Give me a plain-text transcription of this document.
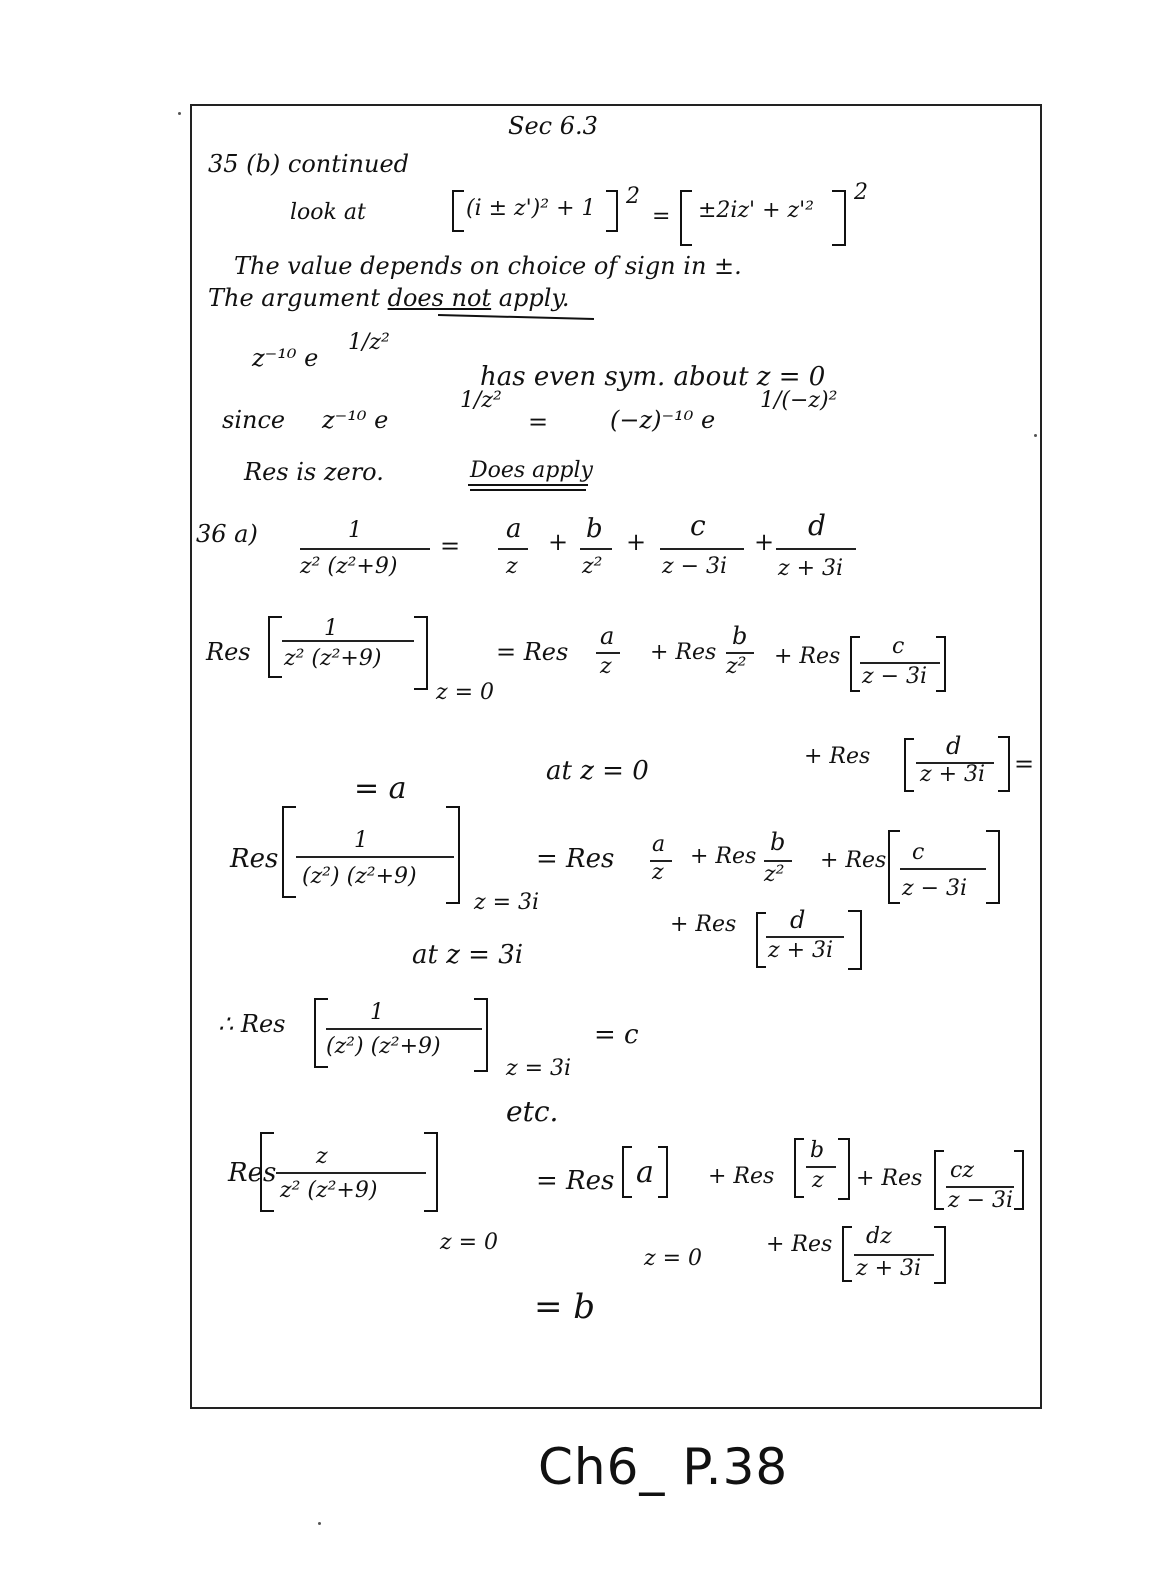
Sec 6.3
35 (b) continued
look at	(i ± z')² + 1 2
= ±2iz' + z'²
2
The value depends on choice of sign in ±.
The argument does not apply.
z⁻¹⁰ e
1/z²
has even sym. about z = 0
since z⁻¹⁰ e
1/z²
=	(−z)⁻¹⁰ e
1/(−z)²
Res is zero.	Does apply
36 a)	1
z² (z²+9)
=
a
z
+ b
z²
+ c
z − 3i
+ d
z + 3i
Res
1
z² (z²+9)
z = 0
= Res
a
z
+ Res
b
z² + Res c
z − 3i
at z = 0	+ Res	d
z + 3i =
= a
Res
1
(z²) (z²+9)
z = 3i
= Res a
z
+ Res
b
z²
+ Res c
z − 3i
+ Res d
z + 3i
at z = 3i
∴ Res	1
(z²) (z²+9)
z = 3i
= c
etc.
Res
z
z² (z²+9)
z = 0
= Res a + Res
b
z + Res cz
z − 3i
z = 0
+ Res dz
z + 3i
= b
Ch6_ P.38
